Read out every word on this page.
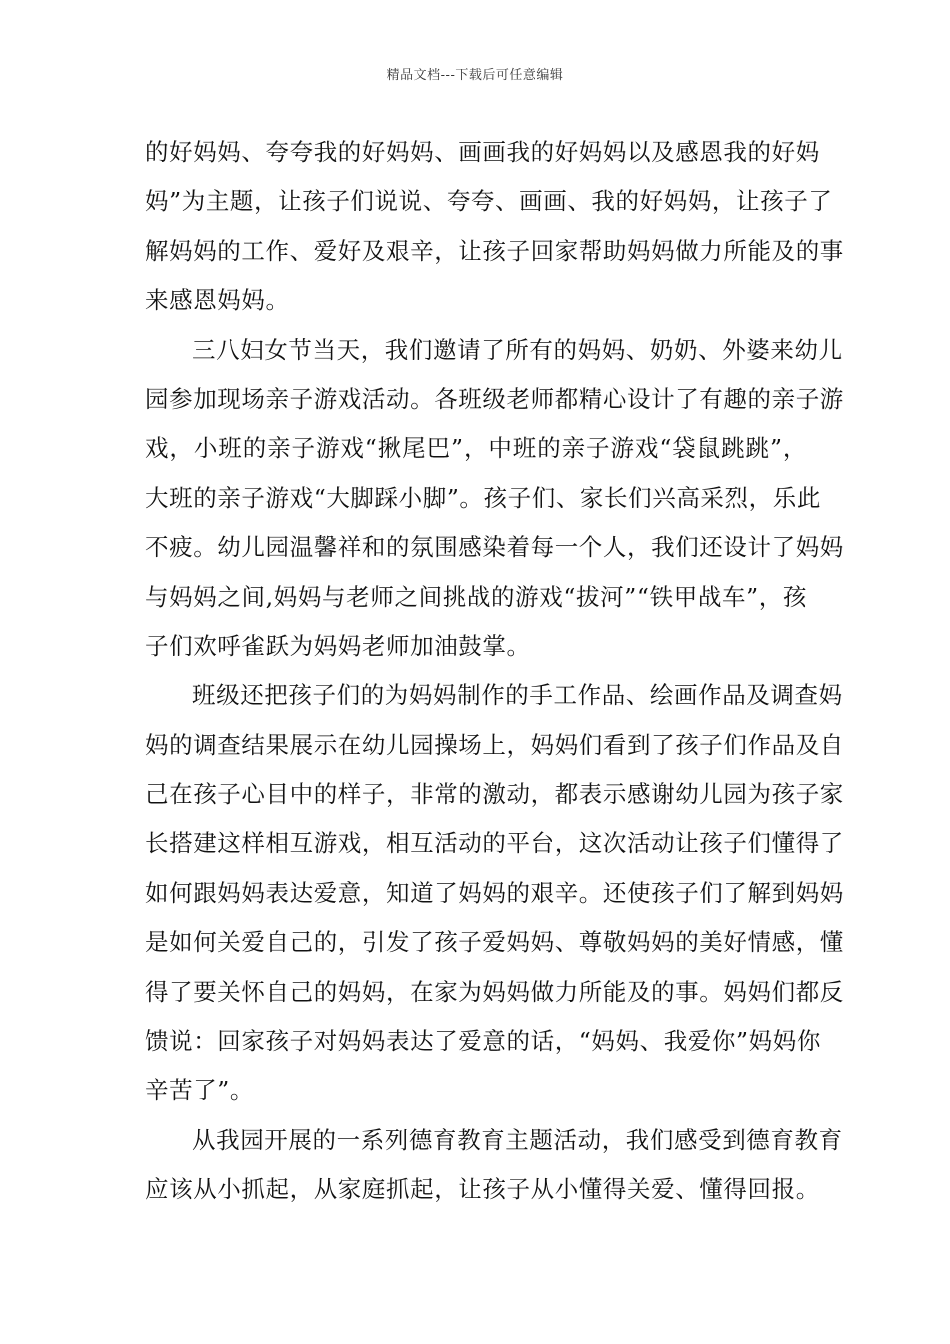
精品文档---下载后可任意编辑
的好妈妈、夸夸我的好妈妈、画画我的好妈妈以及感恩我的好妈
妈”为主题，让孩子们说说、夸夸、画画、我的好妈妈，让孩子了
解妈妈的工作、爱好及艰辛，让孩子回家帮助妈妈做力所能及的事
来感恩妈妈。
三八妇女节当天，我们邀请了所有的妈妈、奶奶、外婆来幼儿
园参加现场亲子游戏活动。各班级老师都精心设计了有趣的亲子游
戏，小班的亲子游戏“揪尾巴”，中班的亲子游戏“袋鼠跳跳”，
大班的亲子游戏“大脚踩小脚”。孩子们、家长们兴高采烈，乐此
不疲。幼儿园温馨祥和的氛围感染着每一个人，我们还设计了妈妈
与妈妈之间,妈妈与老师之间挑战的游戏“拔河”“铁甲战车”，孩
子们欢呼雀跃为妈妈老师加油鼓掌。
班级还把孩子们的为妈妈制作的手工作品、绘画作品及调查妈
妈的调查结果展示在幼儿园操场上，妈妈们看到了孩子们作品及自
己在孩子心目中的样子，非常的激动，都表示感谢幼儿园为孩子家
长搭建这样相互游戏，相互活动的平台，这次活动让孩子们懂得了
如何跟妈妈表达爱意，知道了妈妈的艰辛。还使孩子们了解到妈妈
是如何关爱自己的，引发了孩子爱妈妈、尊敬妈妈的美好情感，懂
得了要关怀自己的妈妈，在家为妈妈做力所能及的事。妈妈们都反
馈说：回家孩子对妈妈表达了爱意的话，“妈妈、我爱你”妈妈你
辛苦了”。
从我园开展的一系列德育教育主题活动，我们感受到德育教育
应该从小抓起，从家庭抓起，让孩子从小懂得关爱、懂得回报。
